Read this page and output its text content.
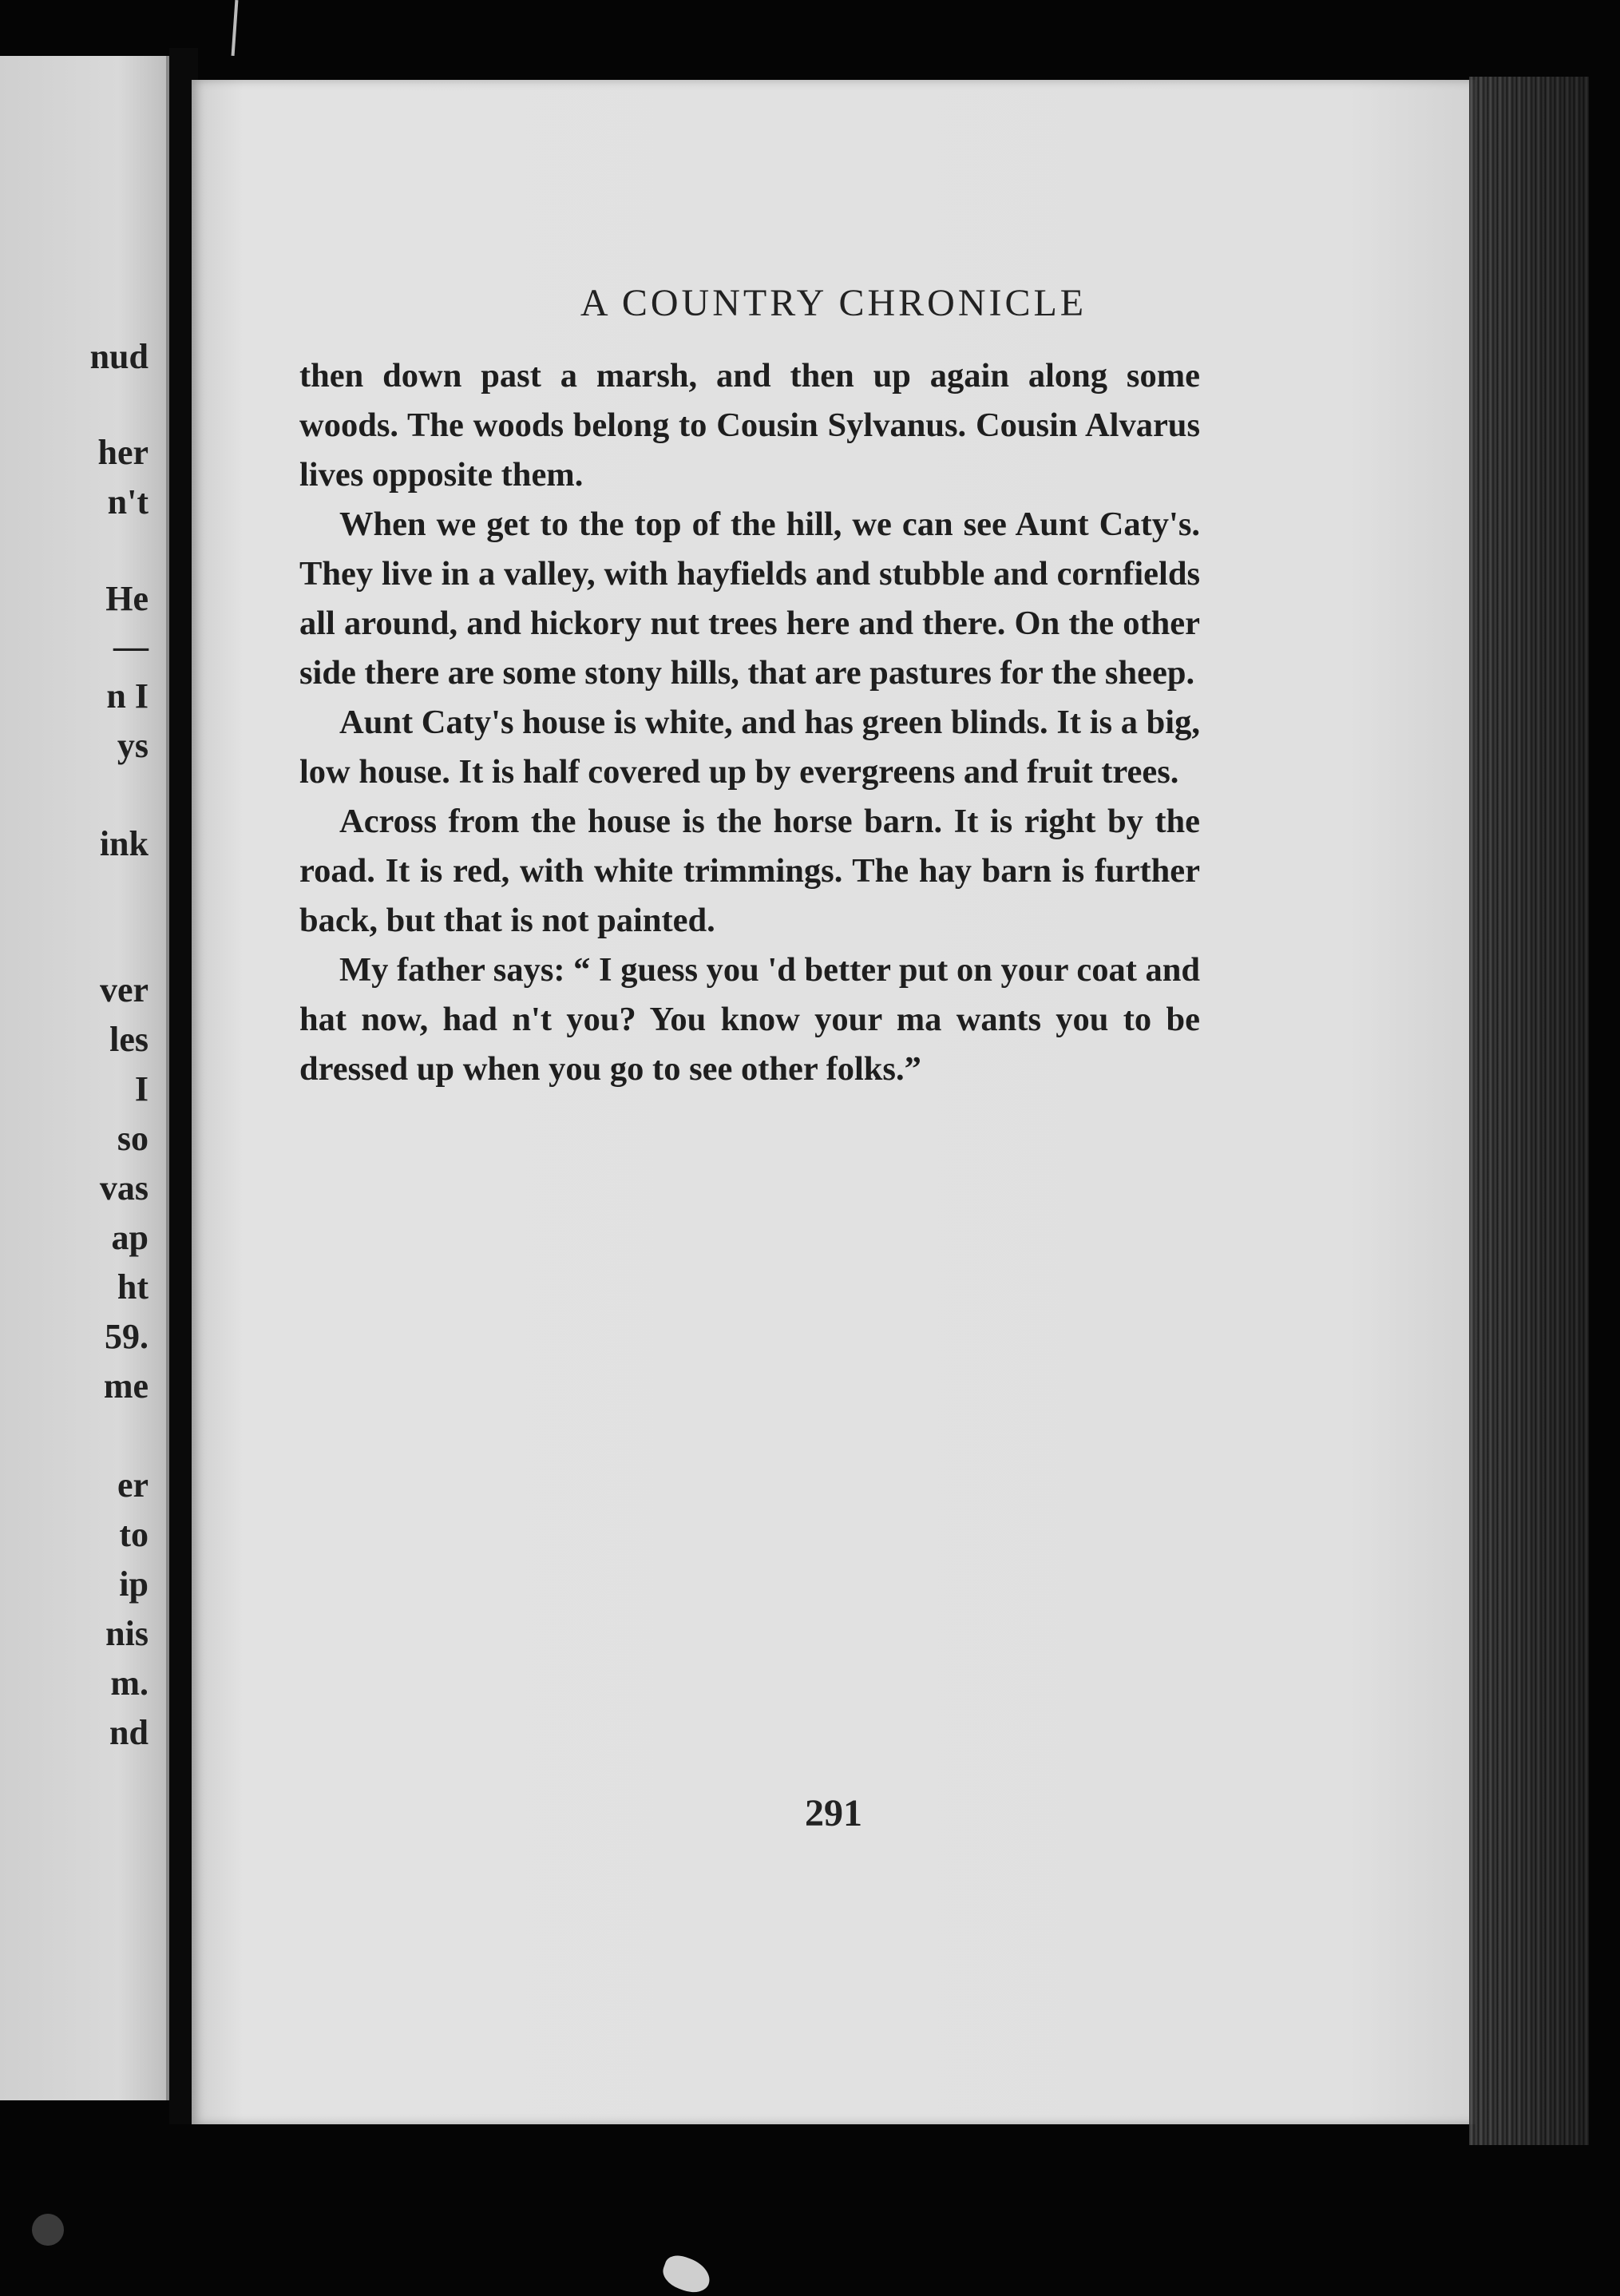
nud

her

n't

He

—

n I

ys

ink

ver

les

I

so

vas

ap

ht

59.

me

er

to

ip

nis

m.

nd

A COUNTRY CHRONICLE

then down past a marsh, and then up again along some woods. The woods belong to Cousin Sylvanus. Cousin Alvarus lives opposite them.

When we get to the top of the hill, we can see Aunt Caty's. They live in a valley, with hayfields and stubble and cornfields all around, and hickory nut trees here and there. On the other side there are some stony hills, that are pastures for the sheep.

Aunt Caty's house is white, and has green blinds. It is a big, low house. It is half covered up by evergreens and fruit trees.

Across from the house is the horse barn. It is right by the road. It is red, with white trimmings. The hay barn is further back, but that is not painted.

My father says: “ I guess you 'd better put on your coat and hat now, had n't you? You know your ma wants you to be dressed up when you go to see other folks.”

291
